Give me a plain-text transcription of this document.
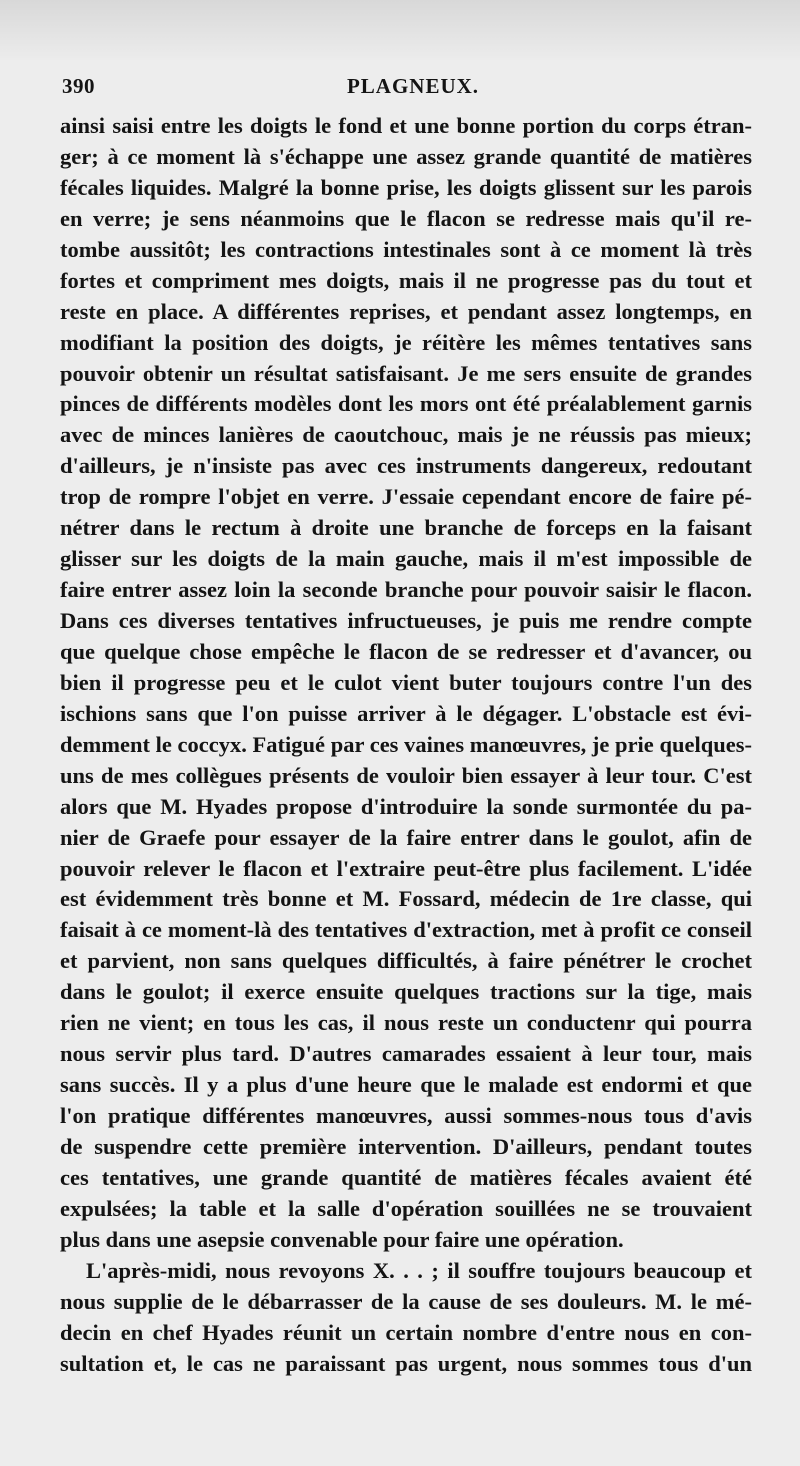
390	PLAGNEUX.
ainsi saisi entre les doigts le fond et une bonne portion du corps étran-
ger; à ce moment là s'échappe une assez grande quantité de matières
fécales liquides. Malgré la bonne prise, les doigts glissent sur les parois
en verre; je sens néanmoins que le flacon se redresse mais qu'il re-
tombe aussitôt; les contractions intestinales sont à ce moment là très
fortes et compriment mes doigts, mais il ne progresse pas du tout et
reste en place. A différentes reprises, et pendant assez longtemps, en
modifiant la position des doigts, je réitère les mêmes tentatives sans
pouvoir obtenir un résultat satisfaisant. Je me sers ensuite de grandes
pinces de différents modèles dont les mors ont été préalablement garnis
avec de minces lanières de caoutchouc, mais je ne réussis pas mieux;
d'ailleurs, je n'insiste pas avec ces instruments dangereux, redoutant
trop de rompre l'objet en verre. J'essaie cependant encore de faire pé-
nétrer dans le rectum à droite une branche de forceps en la faisant
glisser sur les doigts de la main gauche, mais il m'est impossible de
faire entrer assez loin la seconde branche pour pouvoir saisir le flacon.
Dans ces diverses tentatives infructueuses, je puis me rendre compte
que quelque chose empêche le flacon de se redresser et d'avancer, ou
bien il progresse peu et le culot vient buter toujours contre l'un des
ischions sans que l'on puisse arriver à le dégager. L'obstacle est évi-
demment le coccyx. Fatigué par ces vaines manœuvres, je prie quelques-
uns de mes collègues présents de vouloir bien essayer à leur tour. C'est
alors que M. Hyades propose d'introduire la sonde surmontée du pa-
nier de Graefe pour essayer de la faire entrer dans le goulot, afin de
pouvoir relever le flacon et l'extraire peut-être plus facilement. L'idée
est évidemment très bonne et M. Fossard, médecin de 1re classe, qui
faisait à ce moment-là des tentatives d'extraction, met à profit ce conseil
et parvient, non sans quelques difficultés, à faire pénétrer le crochet
dans le goulot; il exerce ensuite quelques tractions sur la tige, mais
rien ne vient; en tous les cas, il nous reste un conductenr qui pourra
nous servir plus tard. D'autres camarades essaient à leur tour, mais
sans succès. Il y a plus d'une heure que le malade est endormi et que
l'on pratique différentes manœuvres, aussi sommes-nous tous d'avis
de suspendre cette première intervention. D'ailleurs, pendant toutes
ces tentatives, une grande quantité de matières fécales avaient été
expulsées; la table et la salle d'opération souillées ne se trouvaient
plus dans une asepsie convenable pour faire une opération.
L'après-midi, nous revoyons X. . . ; il souffre toujours beaucoup et
nous supplie de le débarrasser de la cause de ses douleurs. M. le mé-
decin en chef Hyades réunit un certain nombre d'entre nous en con-
sultation et, le cas ne paraissant pas urgent, nous sommes tous d'un
